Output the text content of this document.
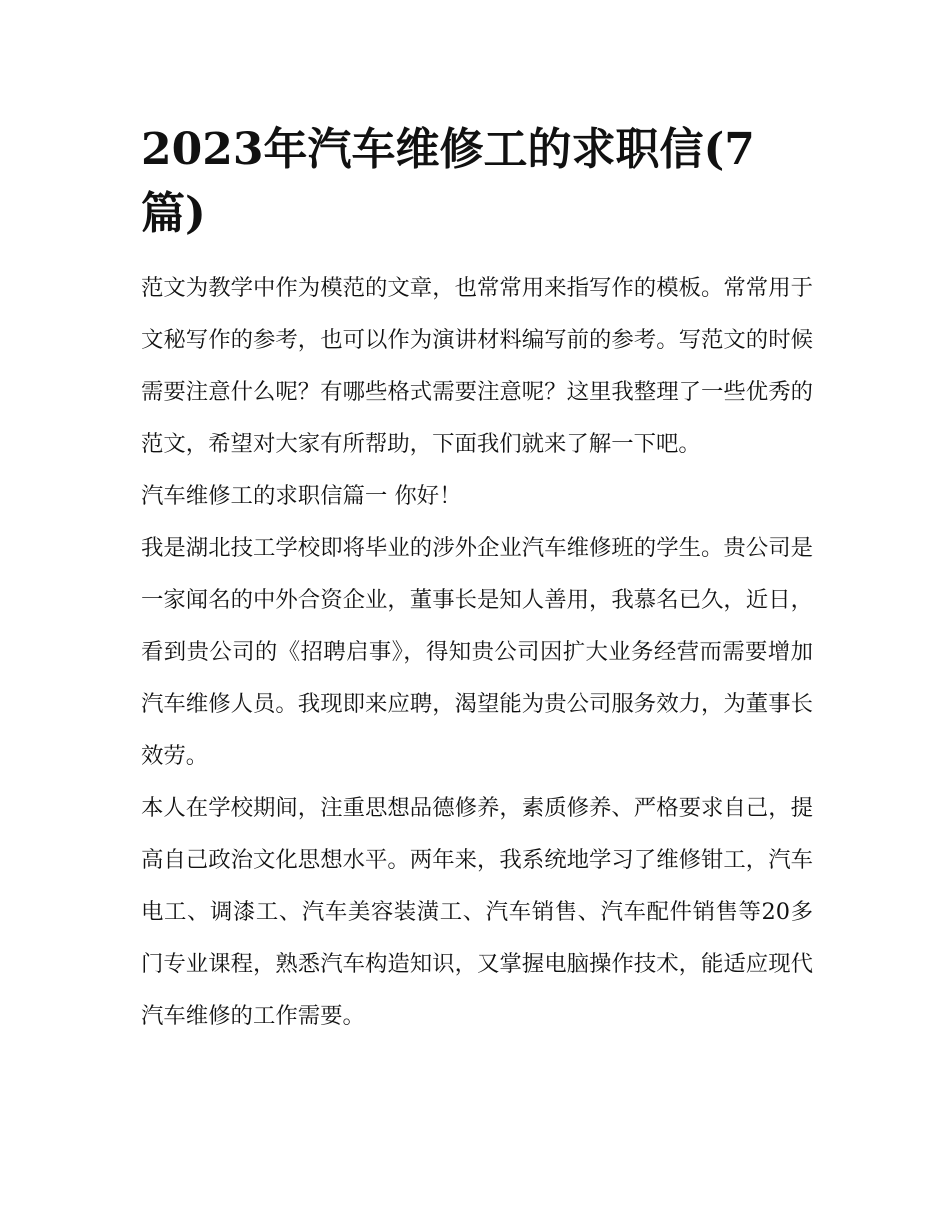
2023年汽车维修工的求职信(7篇)

范文为教学中作为模范的文章，也常常用来指写作的模板。常常用于文秘写作的参考，也可以作为演讲材料编写前的参考。写范文的时候需要注意什么呢？有哪些格式需要注意呢？这里我整理了一些优秀的范文，希望对大家有所帮助，下面我们就来了解一下吧。

汽车维修工的求职信篇一 你好！

我是湖北技工学校即将毕业的涉外企业汽车维修班的学生。贵公司是一家闻名的中外合资企业，董事长是知人善用，我慕名已久，近日，看到贵公司的《招聘启事》，得知贵公司因扩大业务经营而需要增加汽车维修人员。我现即来应聘，渴望能为贵公司服务效力，为董事长效劳。

本人在学校期间，注重思想品德修养，素质修养、严格要求自己，提高自己政治文化思想水平。两年来，我系统地学习了维修钳工，汽车电工、调漆工、汽车美容装潢工、汽车销售、汽车配件销售等20多门专业课程，熟悉汽车构造知识，又掌握电脑操作技术，能适应现代汽车维修的工作需要。
